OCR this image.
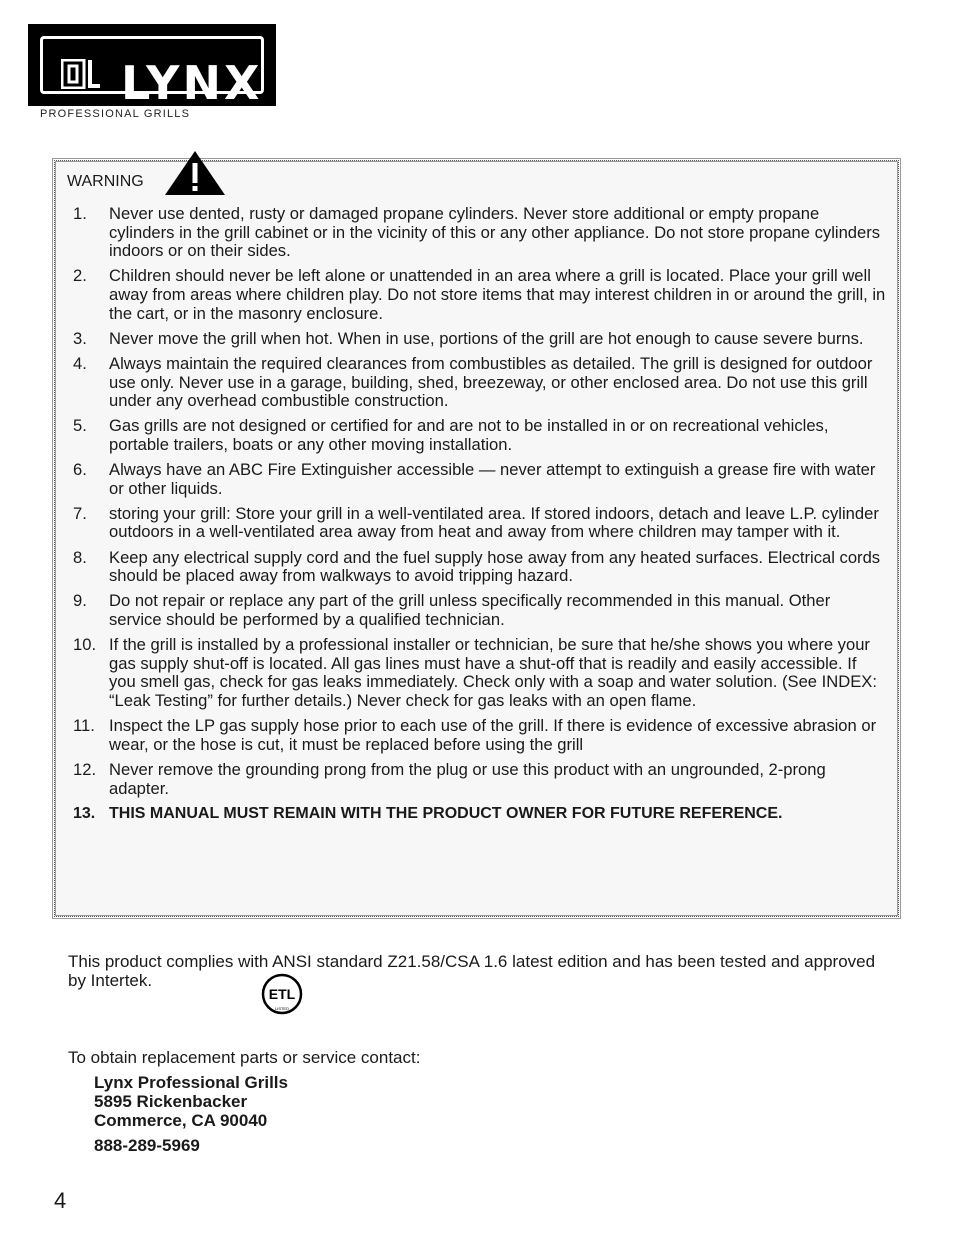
LYNX ®
PROFESSIONAL GRILLS
WARNING
1. Never use dented, rusty or damaged propane cylinders. Never store additional or empty propane cylinders in the grill cabinet or in the vicinity of this or any other appliance. Do not store propane cylinders indoors or on their sides.
2. Children should never be left alone or unattended in an area where a grill is located. Place your grill well away from areas where children play. Do not store items that may interest children in or around the grill, in the cart, or in the masonry enclosure.
3. Never move the grill when hot. When in use, portions of the grill are hot enough to cause severe burns.
4. Always maintain the required clearances from combustibles as detailed. The grill is designed for outdoor use only. Never use in a garage, building, shed, breezeway, or other enclosed area. Do not use this grill under any overhead combustible construction.
5. Gas grills are not designed or certified for and are not to be installed in or on recreational vehicles, portable trailers, boats or any other moving installation.
6. Always have an ABC Fire Extinguisher accessible — never attempt to extinguish a grease fire with water or other liquids.
7. storing your grill: Store your grill in a well-ventilated area. If stored indoors, detach and leave L.P. cylinder outdoors in a well-ventilated area away from heat and away from where children may tamper with it.
8. Keep any electrical supply cord and the fuel supply hose away from any heated surfaces. Electrical cords should be placed away from walkways to avoid tripping hazard.
9. Do not repair or replace any part of the grill unless specifically recommended in this manual. Other service should be performed by a qualified technician.
10. If the grill is installed by a professional installer or technician, be sure that he/she shows you where your gas supply shut-off is located. All gas lines must have a shut-off that is readily and easily accessible. If you smell gas, check for gas leaks immediately. Check only with a soap and water solution. (See INDEX: “Leak Testing” for further details.) Never check for gas leaks with an open flame.
11. Inspect the LP gas supply hose prior to each use of the grill. If there is evidence of excessive abrasion or wear, or the hose is cut, it must be replaced before using the grill
12. Never remove the grounding prong from the plug or use this product with an ungrounded, 2-prong adapter.
13. THIS MANUAL MUST REMAIN WITH THE PRODUCT OWNER FOR FUTURE REFERENCE.
This product complies with ANSI standard Z21.58/CSA 1.6 latest edition and has been tested and approved by Intertek.
ETL
LISTED
To obtain replacement parts or service contact:
Lynx Professional Grills
5895 Rickenbacker
Commerce, CA 90040
888-289-5969
4
